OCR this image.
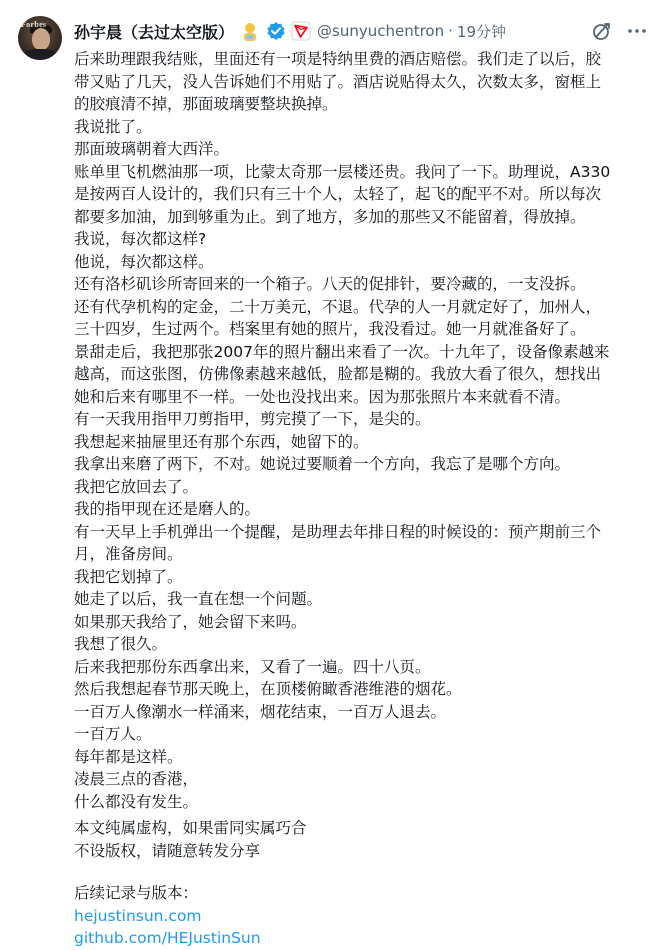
Forbes 孙宇晨（去过太空版）	@sunyuchentron · 19分钟
后来助理跟我结账，里面还有一项是特纳里费的酒店赔偿。我们走了以后，胶
带又贴了几天，没人告诉她们不用贴了。酒店说贴得太久，次数太多，窗框上
的胶痕清不掉，那面玻璃要整块换掉。
我说批了。
那面玻璃朝着大西洋。
账单里飞机燃油那一项，比蒙太奇那一层楼还贵。我问了一下。助理说，A330
是按两百人设计的，我们只有三十个人，太轻了，起飞的配平不对。所以每次
都要多加油，加到够重为止。到了地方，多加的那些又不能留着，得放掉。
我说，每次都这样?
他说，每次都这样。
还有洛杉矶诊所寄回来的一个箱子。八天的促排针，要冷藏的，一支没拆。
还有代孕机构的定金，二十万美元，不退。代孕的人一月就定好了，加州人，
三十四岁，生过两个。档案里有她的照片，我没看过。她一月就准备好了。
景甜走后，我把那张2007年的照片翻出来看了一次。十九年了，设备像素越来
越高，而这张图，仿佛像素越来越低，脸都是糊的。我放大看了很久，想找出
她和后来有哪里不一样。一处也没找出来。因为那张照片本来就看不清。
有一天我用指甲刀剪指甲，剪完摸了一下，是尖的。
我想起来抽屉里还有那个东西，她留下的。
我拿出来磨了两下，不对。她说过要顺着一个方向，我忘了是哪个方向。
我把它放回去了。
我的指甲现在还是磨人的。
有一天早上手机弹出一个提醒，是助理去年排日程的时候设的：预产期前三个
月，准备房间。
我把它划掉了。
她走了以后，我一直在想一个问题。
如果那天我给了，她会留下来吗。
我想了很久。
后来我把那份东西拿出来，又看了一遍。四十八页。
然后我想起春节那天晚上，在顶楼俯瞰香港维港的烟花。
一百万人像潮水一样涌来，烟花结束，一百万人退去。
一百万人。
每年都是这样。
凌晨三点的香港，
什么都没有发生。
本文纯属虚构，如果雷同实属巧合
不设版权，请随意转发分享
后续记录与版本：
hejustinsun.com
github.com/HEJustinSun
